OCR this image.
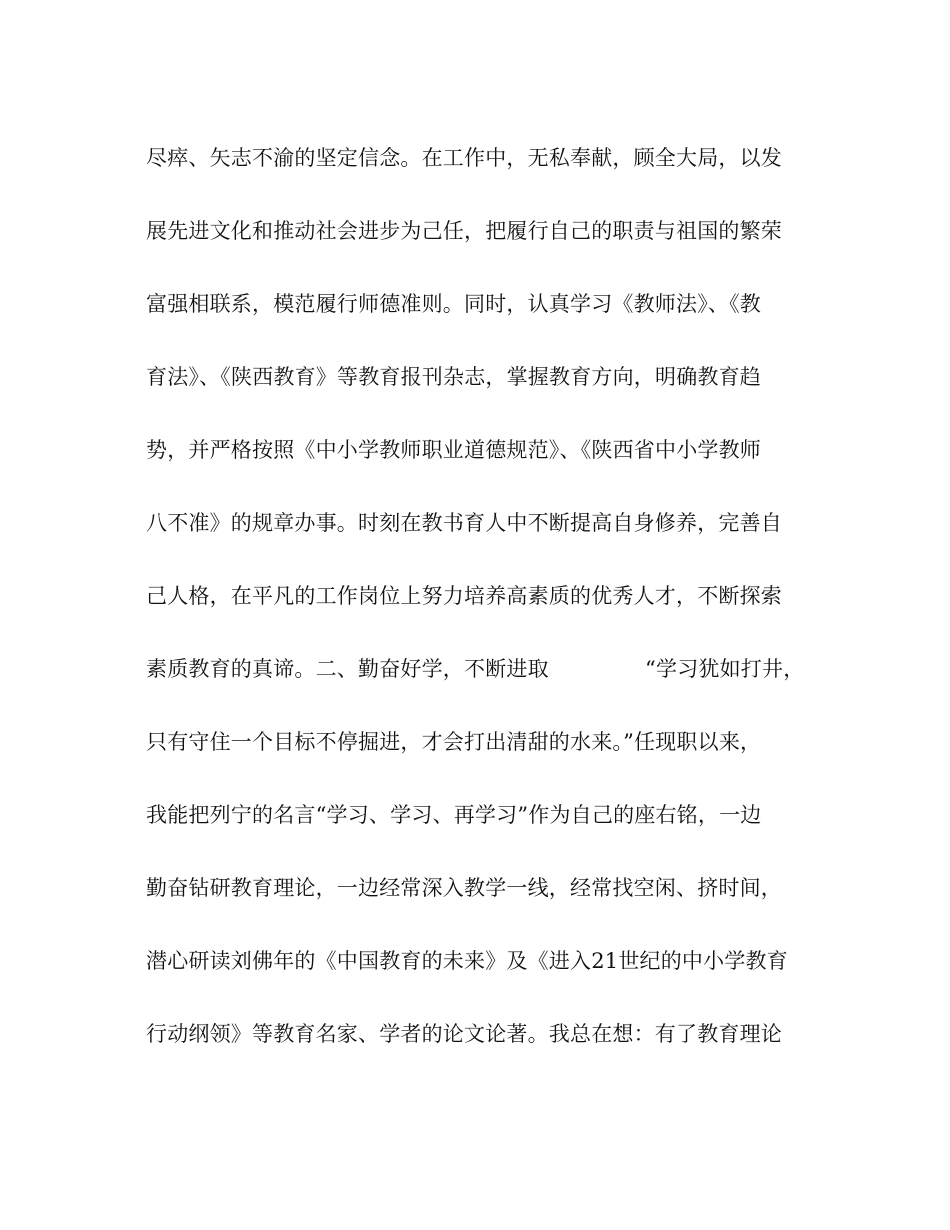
尽瘁、矢志不渝的坚定信念。在工作中，无私奉献，顾全大局，以发
展先进文化和推动社会进步为己任，把履行自己的职责与祖国的繁荣
富强相联系，模范履行师德准则。同时，认真学习《教师法》、《教
育法》、《陕西教育》等教育报刊杂志，掌握教育方向，明确教育趋
势，并严格按照《中小学教师职业道德规范》、《陕西省中小学教师
八不准》的规章办事。时刻在教书育人中不断提高自身修养，完善自
己人格，在平凡的工作岗位上努力培养高素质的优秀人才，不断探索
素质教育的真谛。二、勤奋好学，不断进取              “学习犹如打井，
只有守住一个目标不停掘进，才会打出清甜的水来。”任现职以来，
我能把列宁的名言“学习、学习、再学习”作为自己的座右铭，一边
勤奋钻研教育理论，一边经常深入教学一线，经常找空闲、挤时间，
潜心研读刘佛年的《中国教育的未来》及《进入21世纪的中小学教育
行动纲领》等教育名家、学者的论文论著。我总在想：有了教育理论
